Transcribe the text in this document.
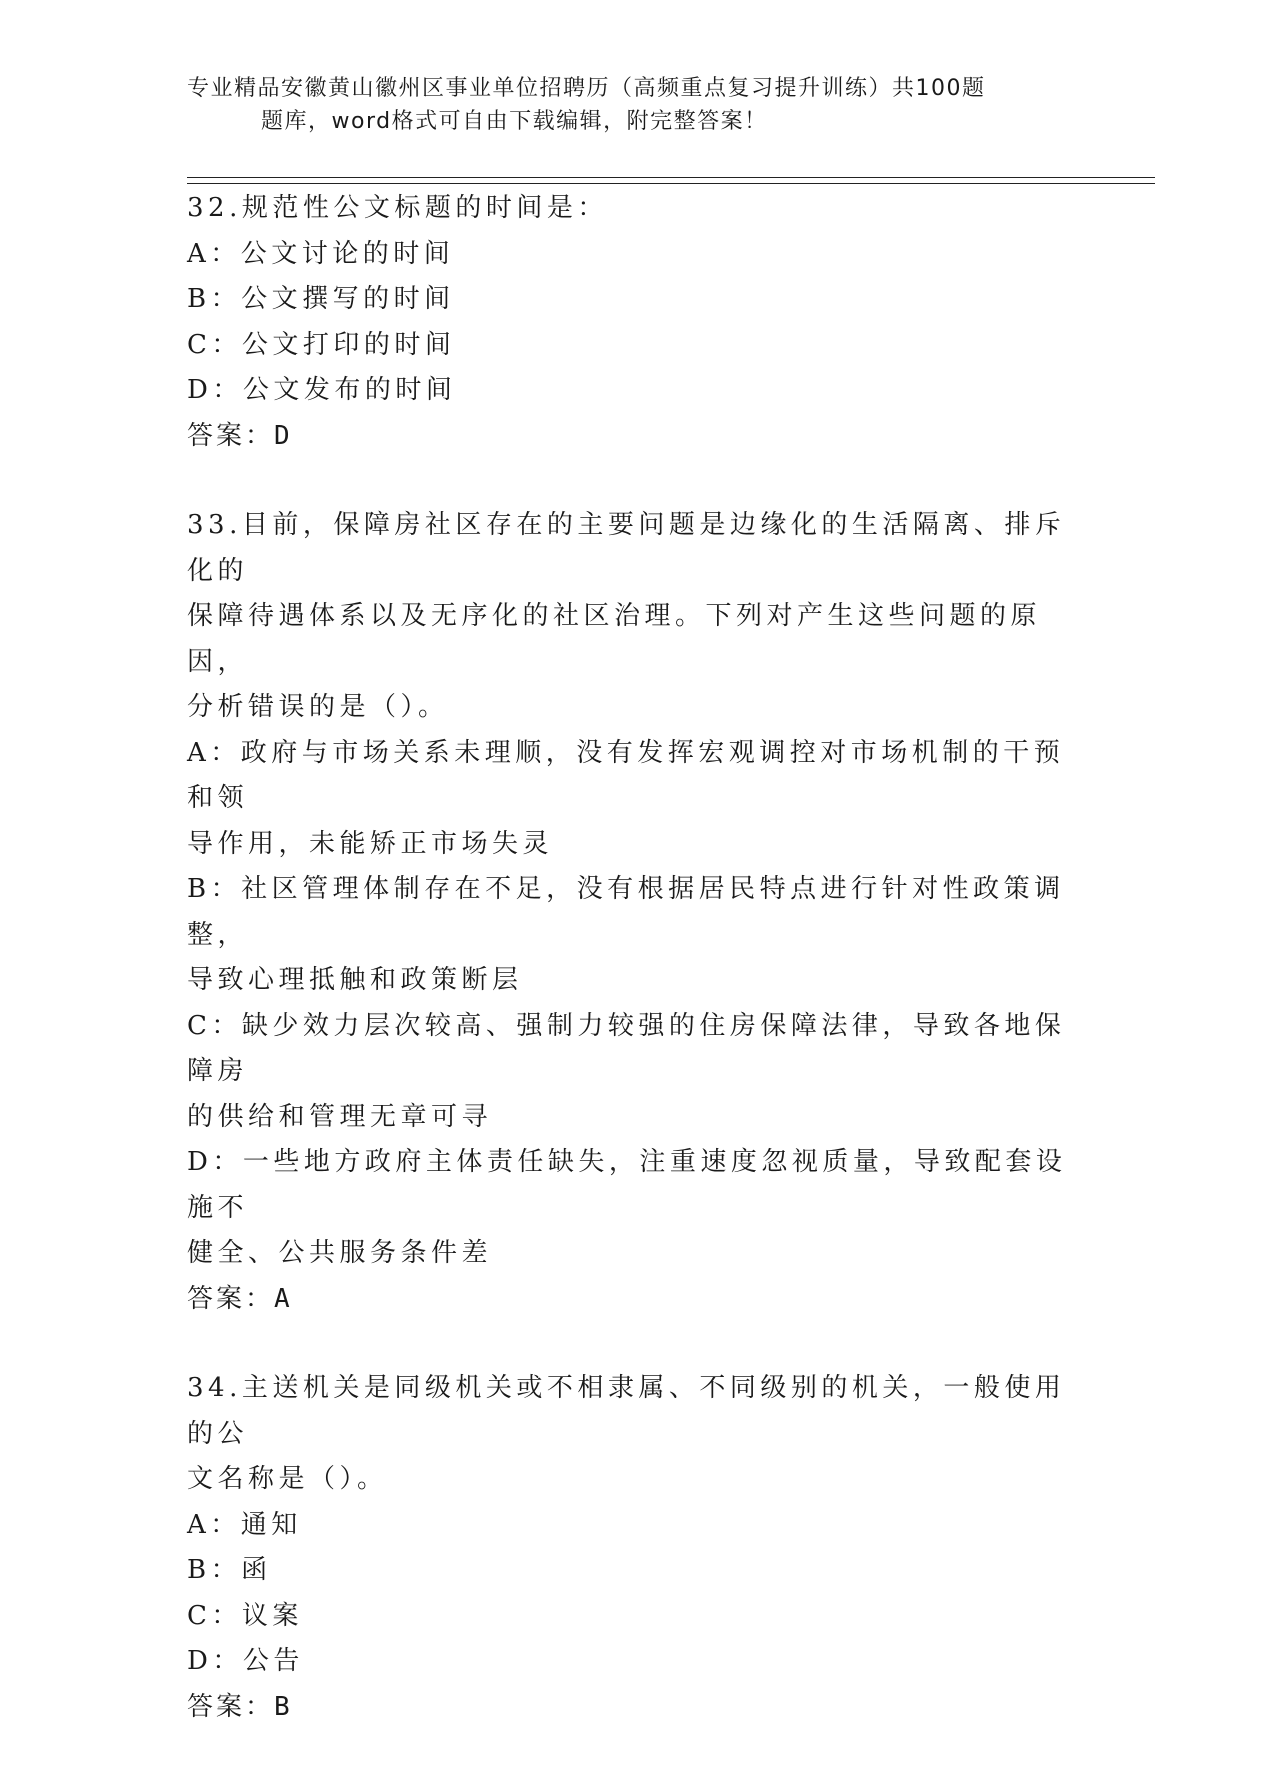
专业精品安徽黄山徽州区事业单位招聘历（高频重点复习提升训练）共100题
题库，word格式可自由下载编辑，附完整答案！
32.规范性公文标题的时间是：
A：公文讨论的时间
B：公文撰写的时间
C：公文打印的时间
D：公文发布的时间
答案：D
33.目前，保障房社区存在的主要问题是边缘化的生活隔离、排斥化的
保障待遇体系以及无序化的社区治理。下列对产生这些问题的原因，
分析错误的是（）。
A：政府与市场关系未理顺，没有发挥宏观调控对市场机制的干预和领
导作用，未能矫正市场失灵
B：社区管理体制存在不足，没有根据居民特点进行针对性政策调整，
导致心理抵触和政策断层
C：缺少效力层次较高、强制力较强的住房保障法律，导致各地保障房
的供给和管理无章可寻
D：一些地方政府主体责任缺失，注重速度忽视质量，导致配套设施不
健全、公共服务条件差
答案：A
34.主送机关是同级机关或不相隶属、不同级别的机关，一般使用的公
文名称是（）。
A：通知
B：函
C：议案
D：公告
答案：B
